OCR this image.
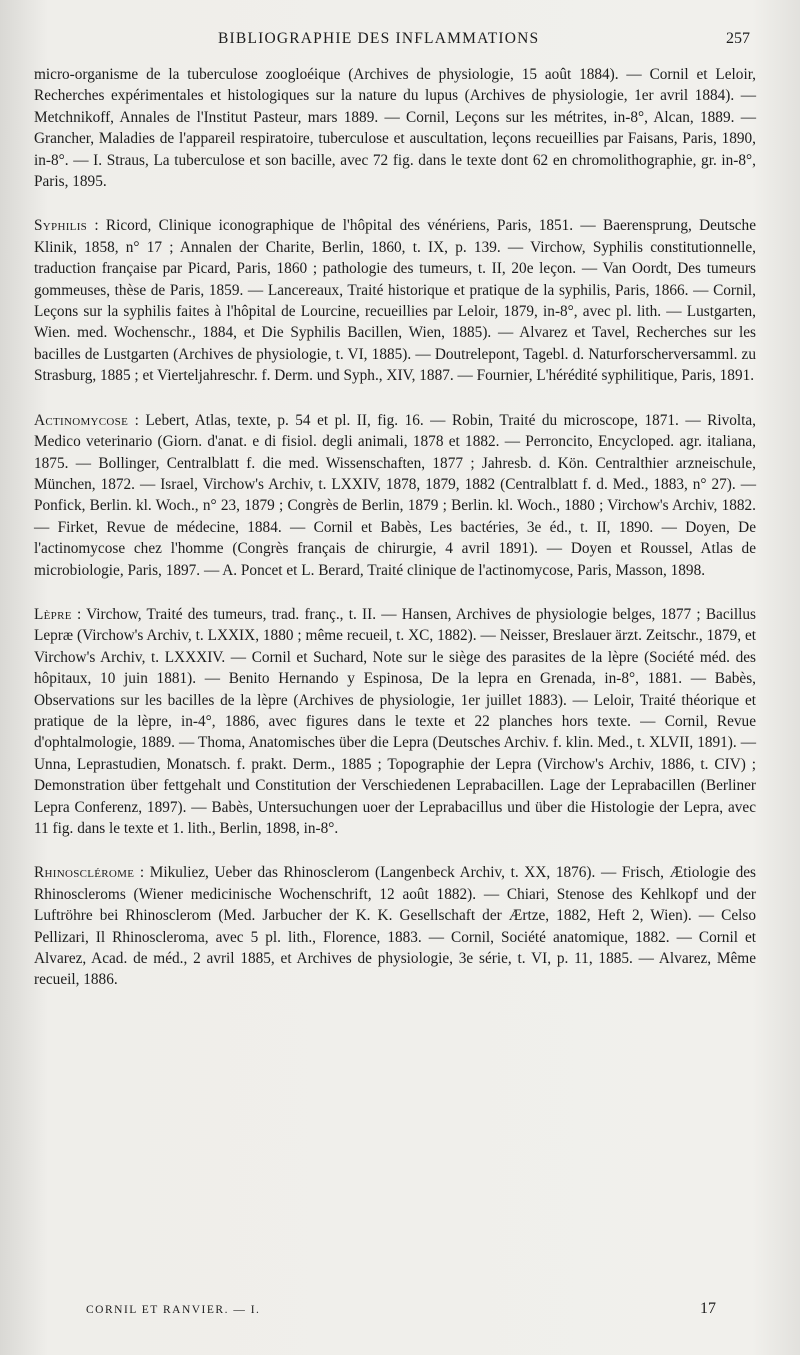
BIBLIOGRAPHIE DES INFLAMMATIONS	257

micro-organisme de la tuberculose zoogloéique (Archives de physiologie, 15 août 1884). — Cornil et Leloir, Recherches expérimentales et histologiques sur la nature du lupus (Archives de physiologie, 1er avril 1884). — Metchnikoff, Annales de l'Institut Pasteur, mars 1889. — Cornil, Leçons sur les métrites, in-8°, Alcan, 1889. — Grancher, Maladies de l'appareil respiratoire, tuberculose et auscultation, leçons recueillies par Faisans, Paris, 1890, in-8°. — I. Straus, La tuberculose et son bacille, avec 72 fig. dans le texte dont 62 en chromolithographie, gr. in-8°, Paris, 1895.

Syphilis : Ricord, Clinique iconographique de l'hôpital des vénériens, Paris, 1851. — Baerensprung, Deutsche Klinik, 1858, n° 17 ; Annalen der Charite, Berlin, 1860, t. IX, p. 139. — Virchow, Syphilis constitutionnelle, traduction française par Picard, Paris, 1860 ; pathologie des tumeurs, t. II, 20e leçon. — Van Oordt, Des tumeurs gommeuses, thèse de Paris, 1859. — Lancereaux, Traité historique et pratique de la syphilis, Paris, 1866. — Cornil, Leçons sur la syphilis faites à l'hôpital de Lourcine, recueillies par Leloir, 1879, in-8°, avec pl. lith. — Lustgarten, Wien. med. Wochenschr., 1884, et Die Syphilis Bacillen, Wien, 1885). — Alvarez et Tavel, Recherches sur les bacilles de Lustgarten (Archives de physiologie, t. VI, 1885). — Doutrelepont, Tagebl. d. Naturforscherversamml. zu Strasburg, 1885 ; et Vierteljahreschr. f. Derm. und Syph., XIV, 1887. — Fournier, L'hérédité syphilitique, Paris, 1891.

Actinomycose : Lebert, Atlas, texte, p. 54 et pl. II, fig. 16. — Robin, Traité du microscope, 1871. — Rivolta, Medico veterinario (Giorn. d'anat. e di fisiol. degli animali, 1878 et 1882. — Perroncito, Encycloped. agr. italiana, 1875. — Bollinger, Centralblatt f. die med. Wissenschaften, 1877 ; Jahresb. d. Kön. Centralthier arzneischule, München, 1872. — Israel, Virchow's Archiv, t. LXXIV, 1878, 1879, 1882 (Centralblatt f. d. Med., 1883, n° 27). — Ponfick, Berlin. kl. Woch., n° 23, 1879 ; Congrès de Berlin, 1879 ; Berlin. kl. Woch., 1880 ; Virchow's Archiv, 1882. — Firket, Revue de médecine, 1884. — Cornil et Babès, Les bactéries, 3e éd., t. II, 1890. — Doyen, De l'actinomycose chez l'homme (Congrès français de chirurgie, 4 avril 1891). — Doyen et Roussel, Atlas de microbiologie, Paris, 1897. — A. Poncet et L. Berard, Traité clinique de l'actinomycose, Paris, Masson, 1898.

Lèpre : Virchow, Traité des tumeurs, trad. franç., t. II. — Hansen, Archives de physiologie belges, 1877 ; Bacillus Lepræ (Virchow's Archiv, t. LXXIX, 1880 ; même recueil, t. XC, 1882). — Neisser, Breslauer ärzt. Zeitschr., 1879, et Virchow's Archiv, t. LXXXIV. — Cornil et Suchard, Note sur le siège des parasites de la lèpre (Société méd. des hôpitaux, 10 juin 1881). — Benito Hernando y Espinosa, De la lepra en Grenada, in-8°, 1881. — Babès, Observations sur les bacilles de la lèpre (Archives de physiologie, 1er juillet 1883). — Leloir, Traité théorique et pratique de la lèpre, in-4°, 1886, avec figures dans le texte et 22 planches hors texte. — Cornil, Revue d'ophtalmologie, 1889. — Thoma, Anatomisches über die Lepra (Deutsches Archiv. f. klin. Med., t. XLVII, 1891). — Unna, Leprastudien, Monatsch. f. prakt. Derm., 1885 ; Topographie der Lepra (Virchow's Archiv, 1886, t. CIV) ; Demonstration über fettgehalt und Constitution der Verschiedenen Leprabacillen. Lage der Leprabacillen (Berliner Lepra Conferenz, 1897). — Babès, Untersuchungen uoer der Leprabacillus und über die Histologie der Lepra, avec 11 fig. dans le texte et 1. lith., Berlin, 1898, in-8°.

Rhinosclérome : Mikuliez, Ueber das Rhinosclerom (Langenbeck Archiv, t. XX, 1876). — Frisch, Ætiologie des Rhinoscleroms (Wiener medicinische Wochenschrift, 12 août 1882). — Chiari, Stenose des Kehlkopf und der Luftröhre bei Rhinosclerom (Med. Jarbucher der K. K. Gesellschaft der Ærtze, 1882, Heft 2, Wien). — Celso Pellizari, Il Rhinoscleroma, avec 5 pl. lith., Florence, 1883. — Cornil, Société anatomique, 1882. — Cornil et Alvarez, Acad. de méd., 2 avril 1885, et Archives de physiologie, 3e série, t. VI, p. 11, 1885. — Alvarez, Même recueil, 1886.

CORNIL ET RANVIER. — I.	17
